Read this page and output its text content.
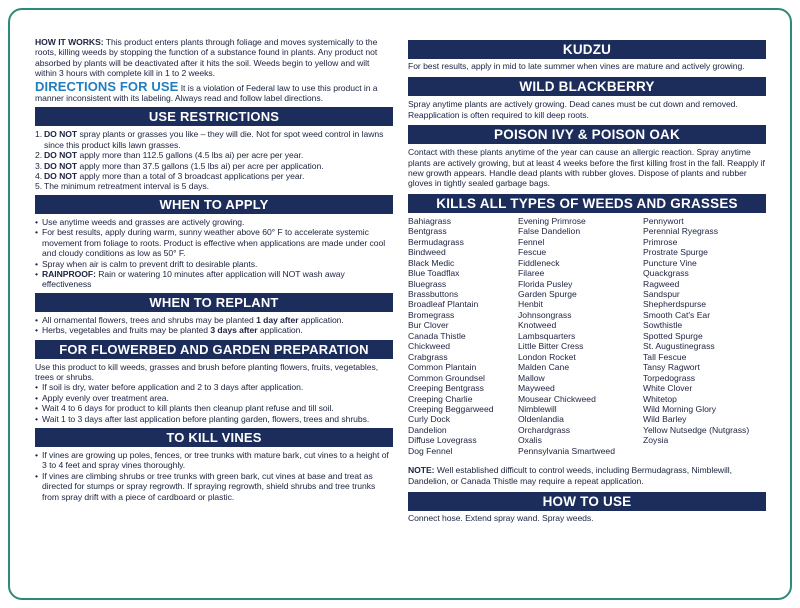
HOW IT WORKS: This product enters plants through foliage and moves systemically to the roots, killing weeds by stopping the function of a substance found in plants. Any product not absorbed by plants will be deactivated after it hits the soil. Weeds begin to yellow and wilt within 3 hours with complete kill in 1 to 2 weeks.

DIRECTIONS FOR USE It is a violation of Federal law to use this product in a manner inconsistent with its labeling. Always read and follow label directions.

USE RESTRICTIONS
1. DO NOT spray plants or grasses you like – they will die. Not for spot weed control in lawns since this product kills lawn grasses.
2. DO NOT apply more than 112.5 gallons (4.5 lbs ai) per acre per year.
3. DO NOT apply more than 37.5 gallons (1.5 lbs ai) per acre per application.
4. DO NOT apply more than a total of 3 broadcast applications per year.
5. The minimum retreatment interval is 5 days.
WHEN TO APPLY
• Use anytime weeds and grasses are actively growing.
• For best results, apply during warm, sunny weather above 60° F to accelerate systemic movement from foliage to roots. Product is effective when applications are made under cool and cloudy conditions as low as 50° F.
• Spray when air is calm to prevent drift to desirable plants.
• RAINPROOF: Rain or watering 10 minutes after application will NOT wash away effectiveness
WHEN TO REPLANT
• All ornamental flowers, trees and shrubs may be planted 1 day after application.
• Herbs, vegetables and fruits may be planted 3 days after application.
FOR FLOWERBED AND GARDEN PREPARATION

Use this product to kill weeds, grasses and brush before planting flowers, fruits, vegetables, trees or shrubs.

• If soil is dry, water before application and 2 to 3 days after application.
• Apply evenly over treatment area.
• Wait 4 to 6 days for product to kill plants then cleanup plant refuse and till soil.
• Wait 1 to 3 days after last application before planting garden, flowers, trees and shrubs.
TO KILL VINES
• If vines are growing up poles, fences, or tree trunks with mature bark, cut vines to a height of 3 to 4 feet and spray vines thoroughly.
• If vines are climbing shrubs or tree trunks with green bark, cut vines at base and treat as directed for stumps or spray regrowth. If spraying regrowth, shield shrubs and tree trunks from spray drift with a piece of cardboard or plastic.
KUDZU

For best results, apply in mid to late summer when vines are mature and actively growing.

WILD BLACKBERRY

Spray anytime plants are actively growing. Dead canes must be cut down and removed. Reapplication is often required to kill deep roots.

POISON IVY & POISON OAK

Contact with these plants anytime of the year can cause an allergic reaction. Spray anytime plants are actively growing, but at least 4 weeks before the first killing frost in the fall. Reapply if new growth appears. Handle dead plants with rubber gloves. Dispose of plants and rubber gloves in tightly sealed garbage bags.

KILLS ALL TYPES OF WEEDS AND GRASSES
Bahiagrass
Bentgrass
Bermudagrass
Bindweed
Black Medic
Blue Toadflax
Bluegrass
Brassbuttons
Broadleaf Plantain
Bromegrass
Bur Clover
Canada Thistle
Chickweed
Crabgrass
Common Plantain
Common Groundsel
Creeping Bentgrass
Creeping Charlie
Creeping Beggarweed
Curly Dock
Dandelion
Diffuse Lovegrass
Dog Fennel
Evening Primrose
False Dandelion
Fennel
Fescue
Fiddleneck
Filaree
Florida Pusley
Garden Spurge
Henbit
Johnsongrass
Knotweed
Lambsquarters
Little Bitter Cress
London Rocket
Malden Cane
Mallow
Mayweed
Mousear Chickweed
Nimblewill
Oldenlandia
Orchardgrass
Oxalis
Pennsylvania Smartweed
Pennywort
Perennial Ryegrass
Primrose
Prostrate Spurge
Puncture Vine
Quackgrass
Ragweed
Sandspur
Shepherdspurse
Smooth Cat's Ear
Sowthistle
Spotted Spurge
St. Augustinegrass
Tall Fescue
Tansy Ragwort
Torpedograss
White Clover
Whitetop
Wild Morning Glory
Wild Barley
Yellow Nutsedge (Nutgrass)
Zoysia

NOTE: Well established difficult to control weeds, including Bermudagrass, Nimblewill, Dandelion, or Canada Thistle may require a repeat application.

HOW TO USE

Connect hose. Extend spray wand. Spray weeds.
